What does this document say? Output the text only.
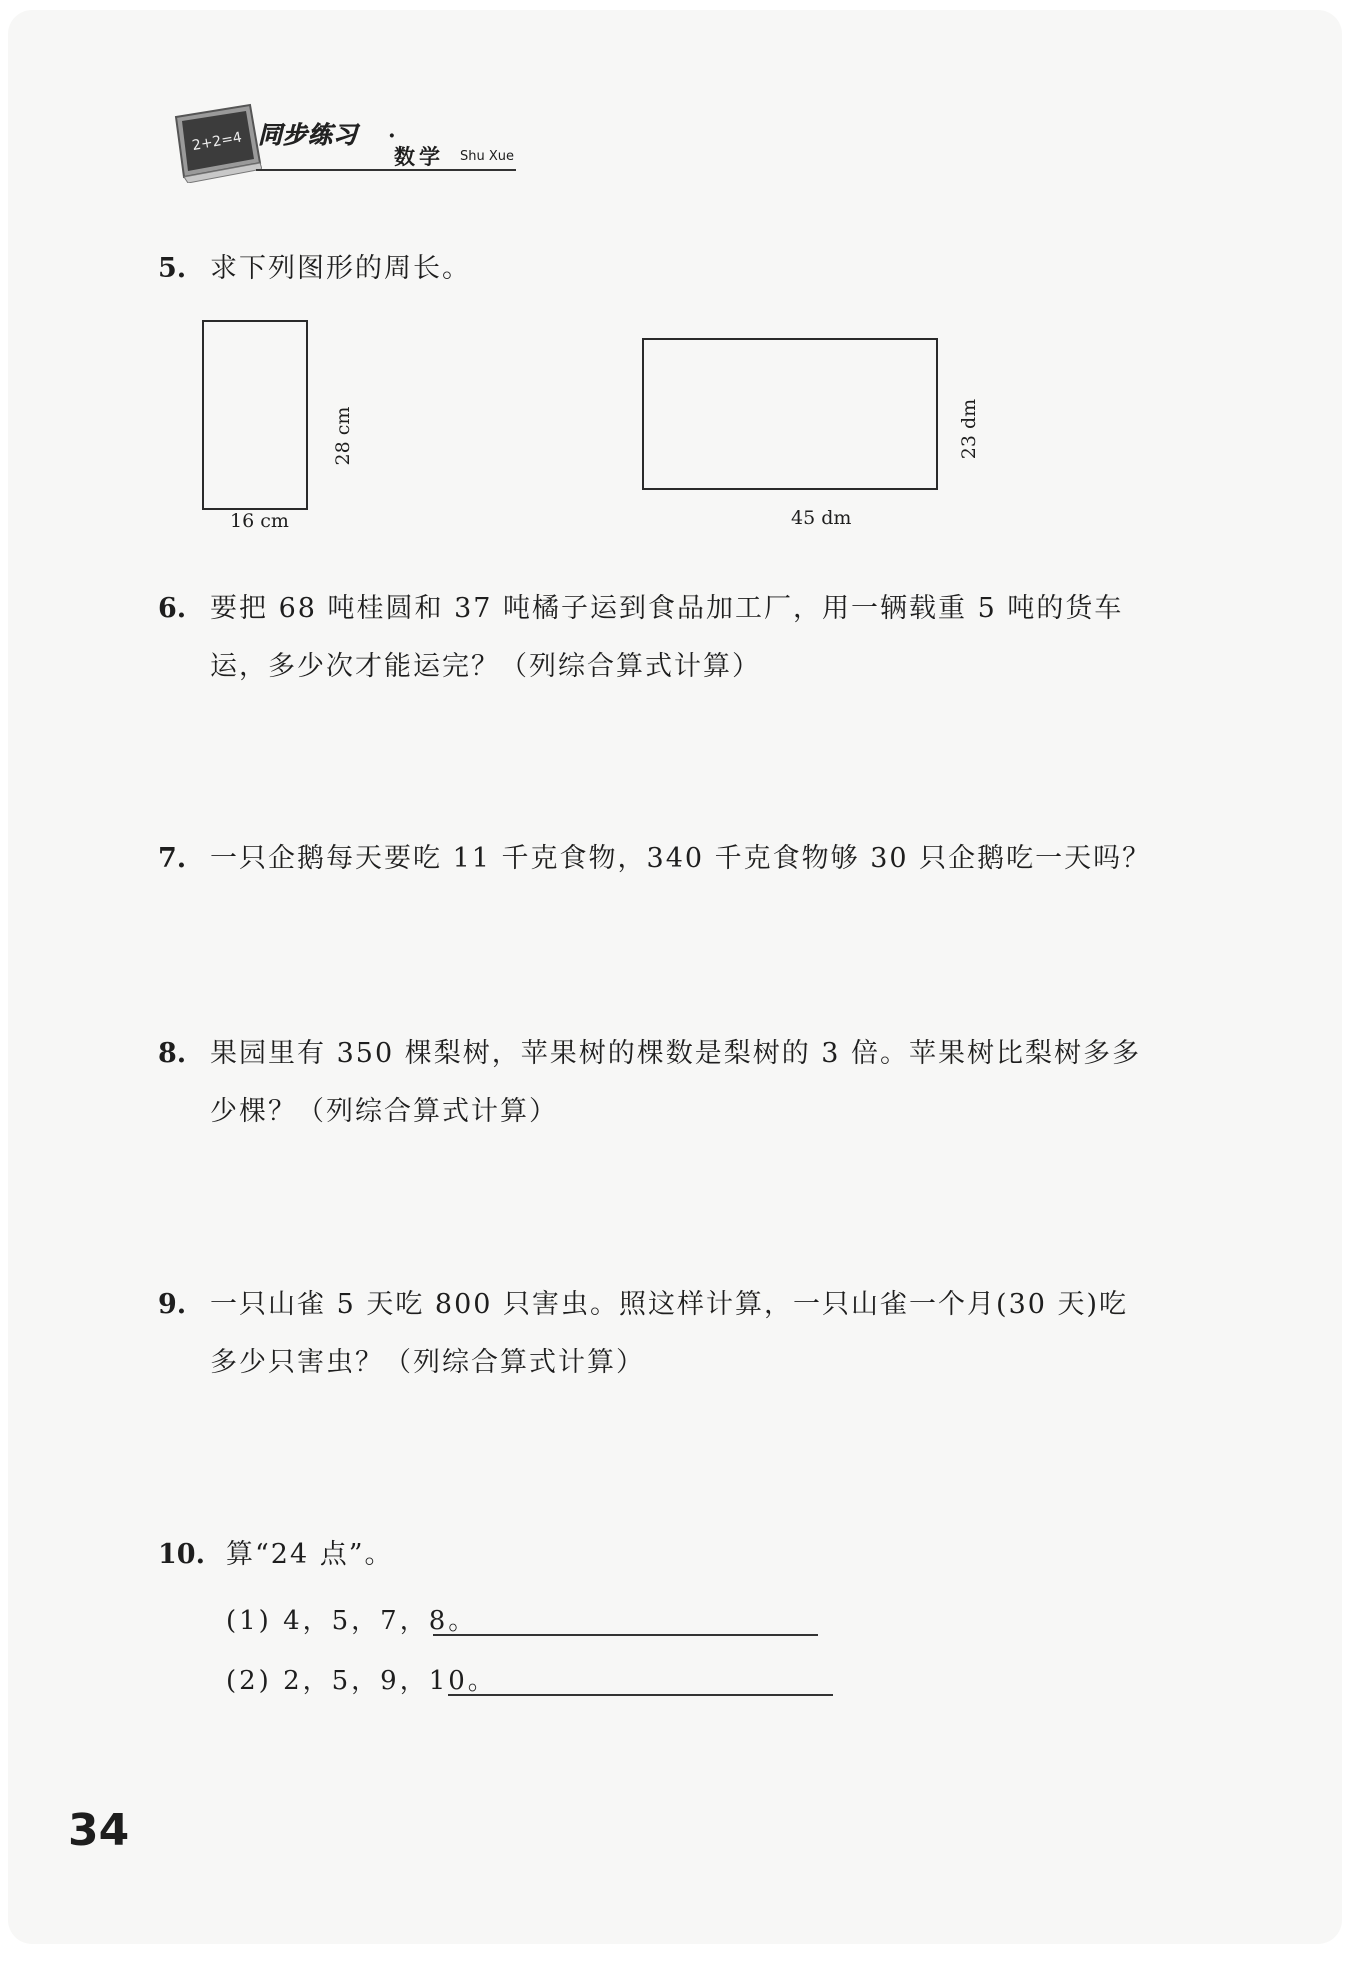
2+2=4 同步练习 ·
数学 Shu Xue
5. 求下列图形的周长。
28 cm
16 cm
23 dm
45 dm
6. 要把 68 吨桂圆和 37 吨橘子运到食品加工厂，用一辆载重 5 吨的货车
运，多少次才能运完？（列综合算式计算）
7. 一只企鹅每天要吃 11 千克食物，340 千克食物够 30 只企鹅吃一天吗？
8. 果园里有 350 棵梨树，苹果树的棵数是梨树的 3 倍。苹果树比梨树多多
少棵？（列综合算式计算）
9. 一只山雀 5 天吃 800 只害虫。照这样计算，一只山雀一个月(30 天)吃
多少只害虫？（列综合算式计算）
10. 算“24 点”。
(1) 4，5，7，8。
(2) 2，5，9，10。
34
